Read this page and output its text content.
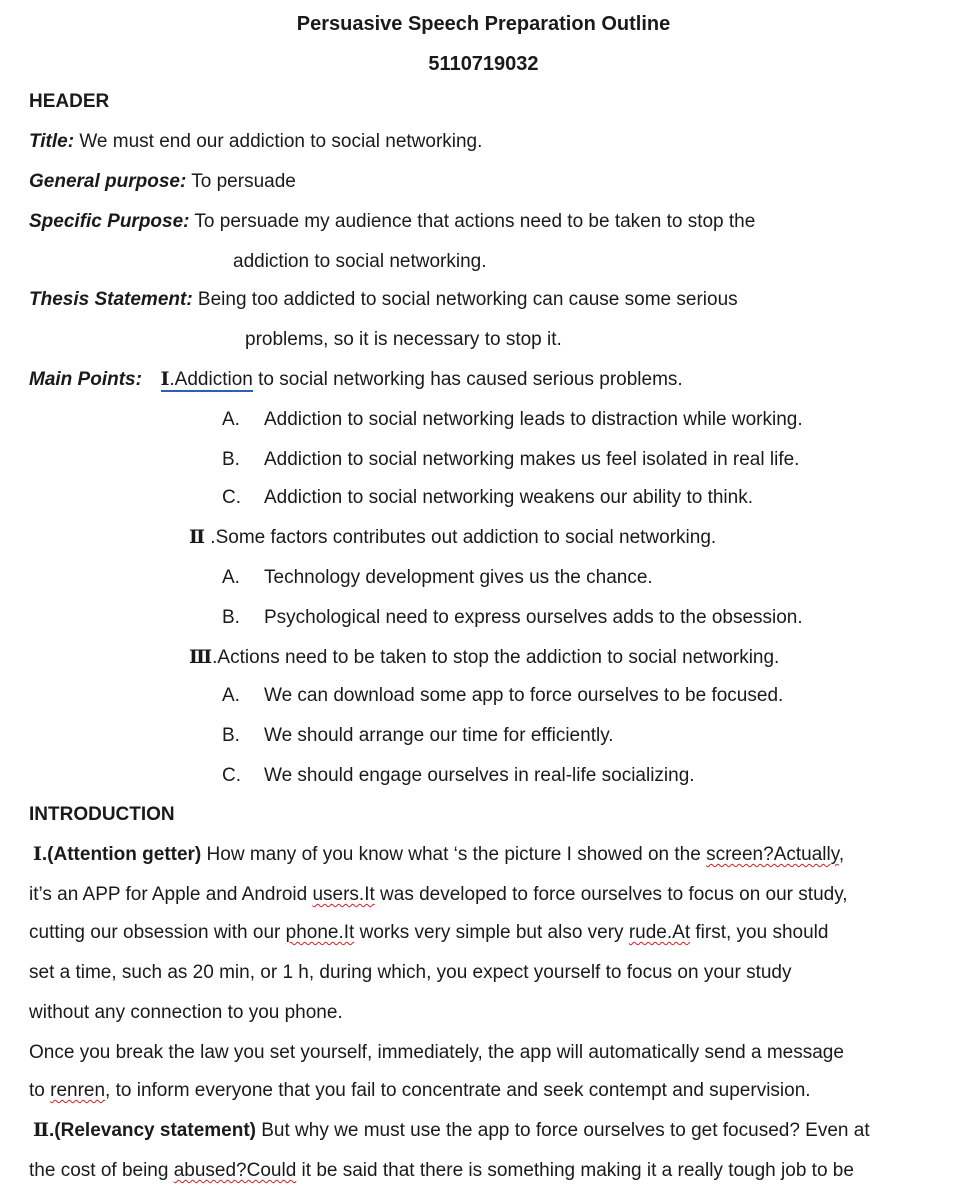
Persuasive Speech Preparation Outline
5110719032
HEADER
Title: We must end our addiction to social networking.
General purpose: To persuade
Specific Purpose: To persuade my audience that actions need to be taken to stop the
addiction to social networking.
Thesis Statement: Being too addicted to social networking can cause some serious
problems, so it is necessary to stop it.
Main Points: Ⅰ.Addiction to social networking has caused serious problems.
A. Addiction to social networking leads to distraction while working.
B. Addiction to social networking makes us feel isolated in real life.
C. Addiction to social networking weakens our ability to think.
Ⅱ .Some factors contributes out addiction to social networking.
A. Technology development gives us the chance.
B. Psychological need to express ourselves adds to the obsession.
Ⅲ.Actions need to be taken to stop the addiction to social networking.
A. We can download some app to force ourselves to be focused.
B. We should arrange our time for efficiently.
C. We should engage ourselves in real-life socializing.
INTRODUCTION
Ⅰ.(Attention getter) How many of you know what ‘s the picture I showed on the screen?Actually,
it’s an APP for Apple and Android users.It was developed to force ourselves to focus on our study,
cutting our obsession with our phone.It works very simple but also very rude.At first, you should
set a time, such as 20 min, or 1 h, during which, you expect yourself to focus on your study
without any connection to you phone.
Once you break the law you set yourself, immediately, the app will automatically send a message
to renren, to inform everyone that you fail to concentrate and seek contempt and supervision.
Ⅱ.(Relevancy statement) But why we must use the app to force ourselves to get focused? Even at
the cost of being abused?Could it be said that there is something making it a really tough job to be
